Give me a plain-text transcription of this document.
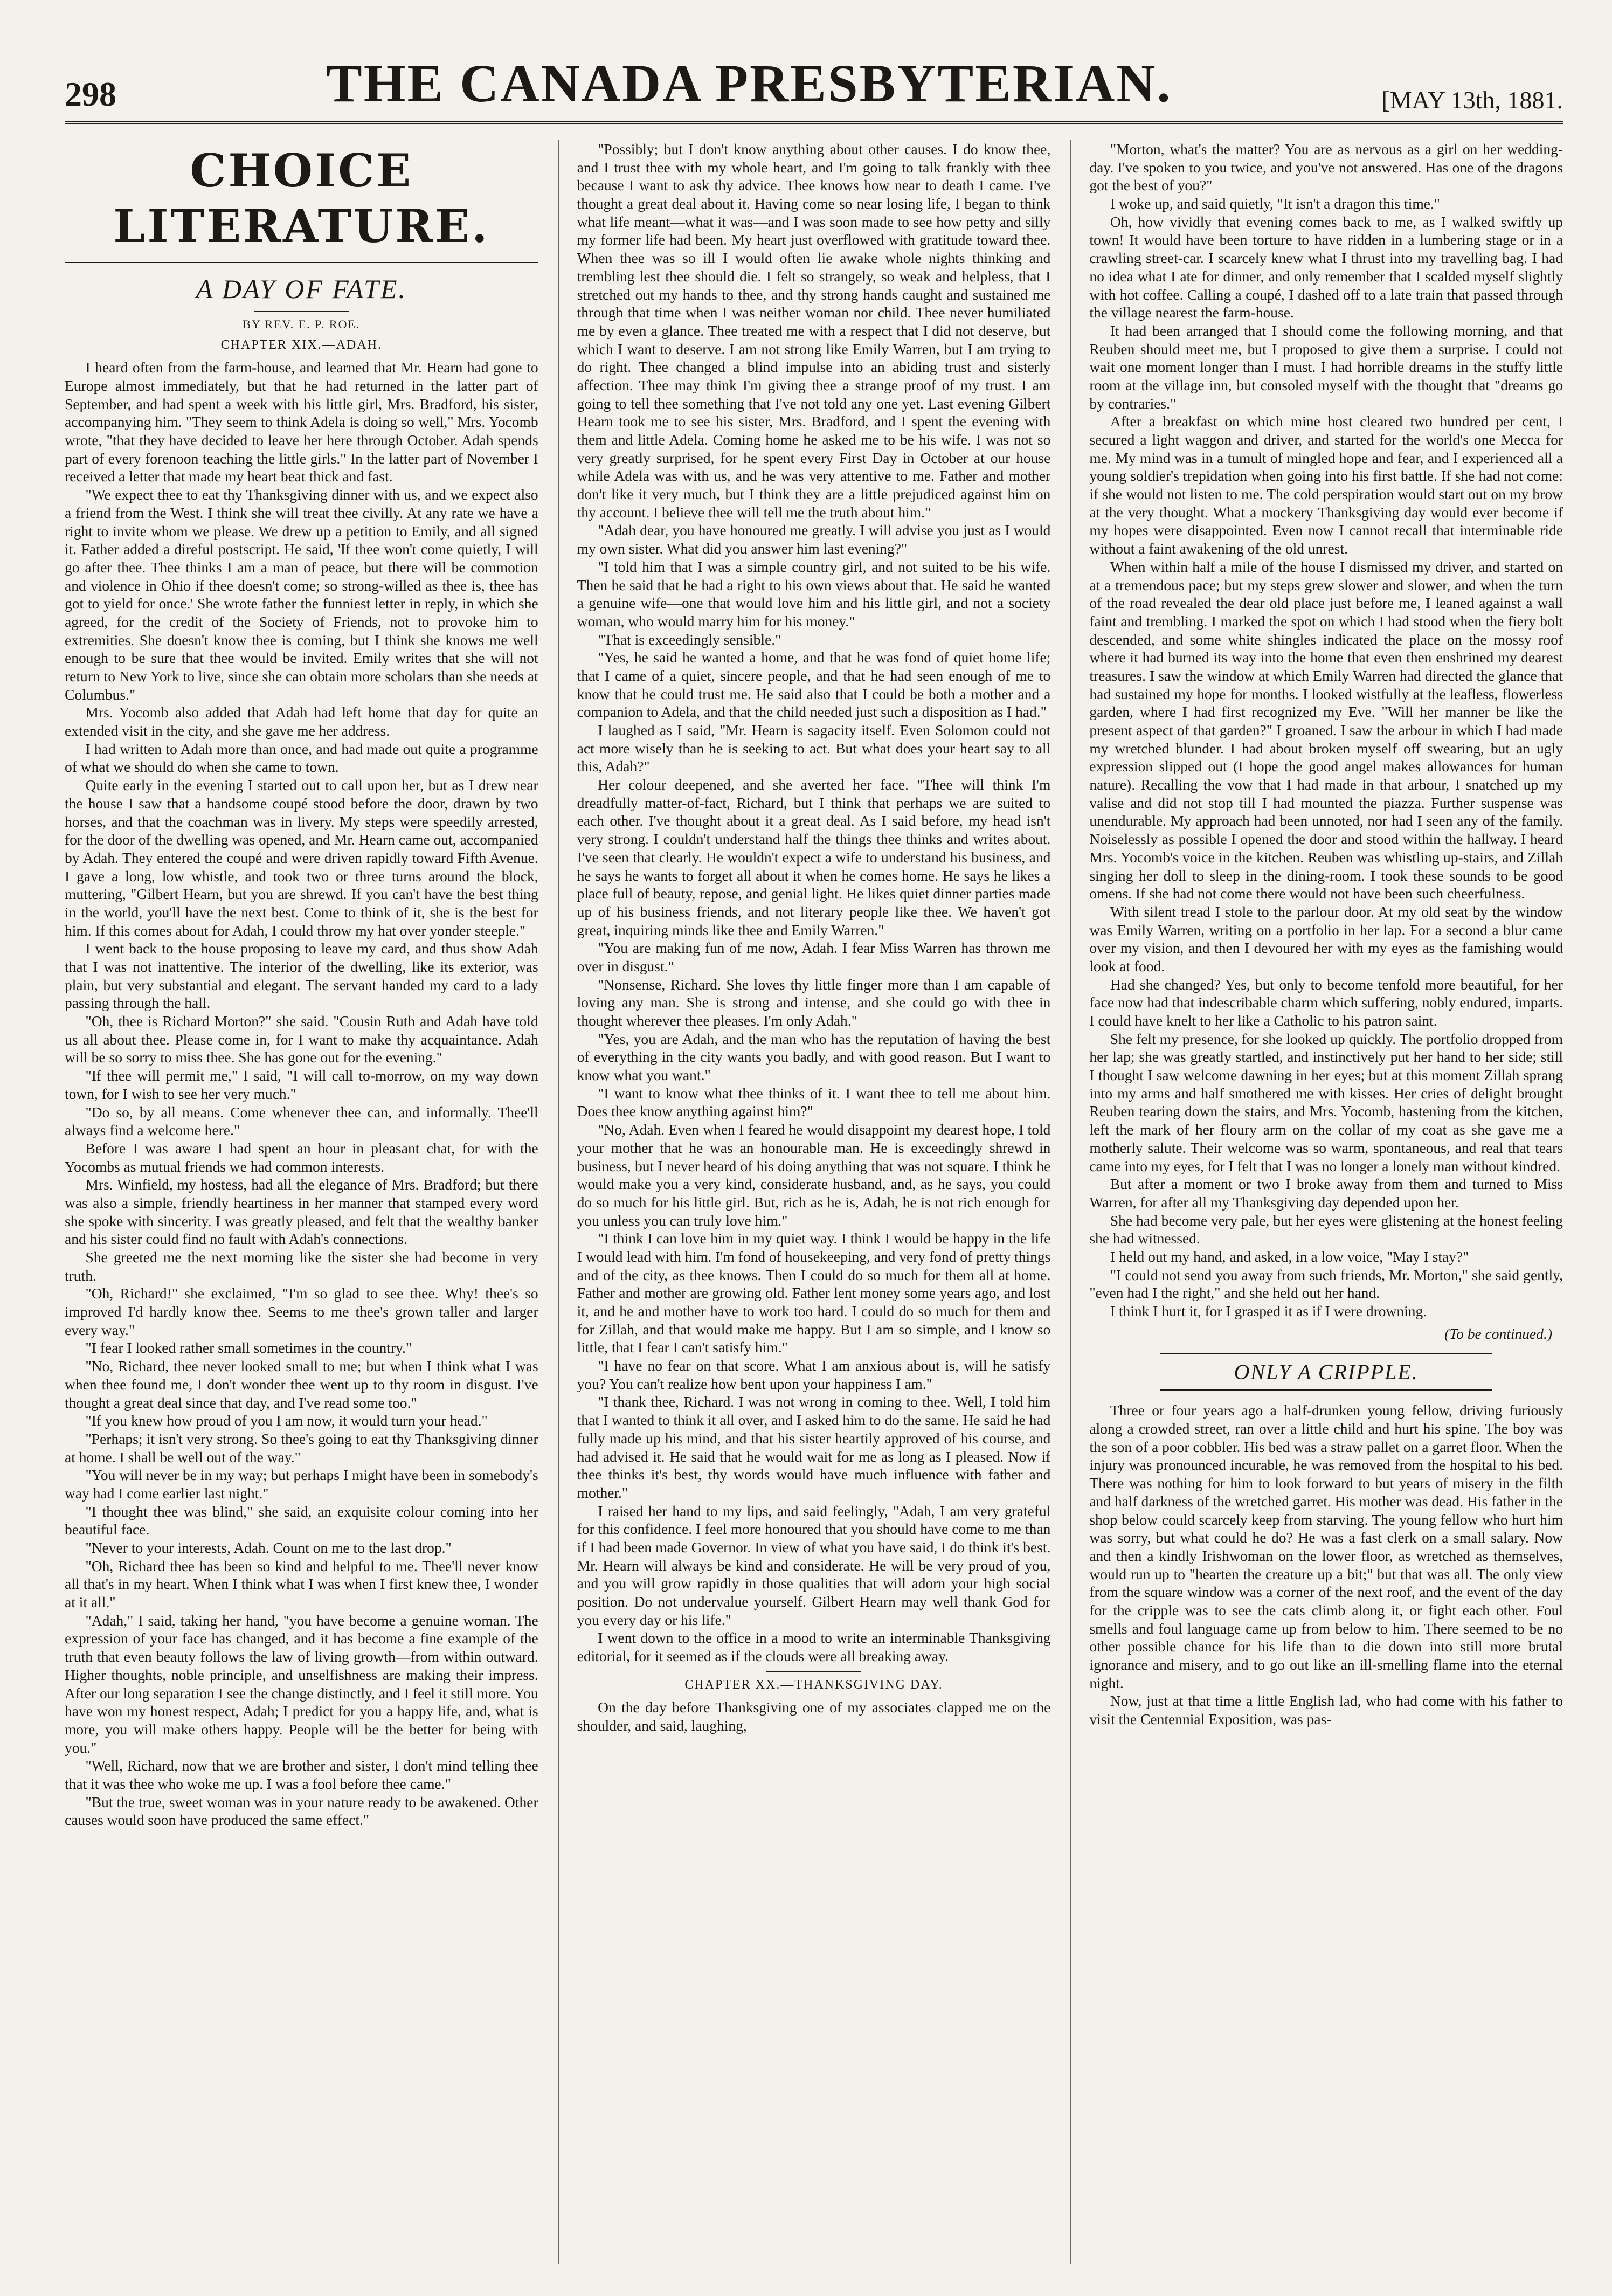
298	THE CANADA PRESBYTERIAN.	[MAY 13th, 1881.
CHOICE LITERATURE.
A DAY OF FATE.
BY REV. E. P. ROE.
CHAPTER XIX.—ADAH.

I heard often from the farm-house, and learned that Mr. Hearn had gone to Europe almost immediately, but that he had returned in the latter part of September, and had spent a week with his little girl, Mrs. Bradford, his sister, accompanying him. "They seem to think Adela is doing so well," Mrs. Yocomb wrote, "that they have decided to leave her here through October. Adah spends part of every forenoon teaching the little girls." In the latter part of November I received a letter that made my heart beat thick and fast.

"We expect thee to eat thy Thanksgiving dinner with us, and we expect also a friend from the West. I think she will treat thee civilly. At any rate we have a right to invite whom we please. We drew up a petition to Emily, and all signed it. Father added a direful postscript. He said, 'If thee won't come quietly, I will go after thee. Thee thinks I am a man of peace, but there will be commotion and violence in Ohio if thee doesn't come; so strong-willed as thee is, thee has got to yield for once.' She wrote father the funniest letter in reply, in which she agreed, for the credit of the Society of Friends, not to provoke him to extremities. She doesn't know thee is coming, but I think she knows me well enough to be sure that thee would be invited. Emily writes that she will not return to New York to live, since she can obtain more scholars than she needs at Columbus."

Mrs. Yocomb also added that Adah had left home that day for quite an extended visit in the city, and she gave me her address.

I had written to Adah more than once, and had made out quite a programme of what we should do when she came to town.

Quite early in the evening I started out to call upon her, but as I drew near the house I saw that a handsome coupé stood before the door, drawn by two horses, and that the coachman was in livery. My steps were speedily arrested, for the door of the dwelling was opened, and Mr. Hearn came out, accompanied by Adah. They entered the coupé and were driven rapidly toward Fifth Avenue. I gave a long, low whistle, and took two or three turns around the block, muttering, "Gilbert Hearn, but you are shrewd. If you can't have the best thing in the world, you'll have the next best. Come to think of it, she is the best for him. If this comes about for Adah, I could throw my hat over yonder steeple."

I went back to the house proposing to leave my card, and thus show Adah that I was not inattentive. The interior of the dwelling, like its exterior, was plain, but very substantial and elegant. The servant handed my card to a lady passing through the hall.

"Oh, thee is Richard Morton?" she said. "Cousin Ruth and Adah have told us all about thee. Please come in, for I want to make thy acquaintance. Adah will be so sorry to miss thee. She has gone out for the evening."

"If thee will permit me," I said, "I will call to-morrow, on my way down town, for I wish to see her very much."

"Do so, by all means. Come whenever thee can, and informally. Thee'll always find a welcome here."

Before I was aware I had spent an hour in pleasant chat, for with the Yocombs as mutual friends we had common interests.

Mrs. Winfield, my hostess, had all the elegance of Mrs. Bradford; but there was also a simple, friendly heartiness in her manner that stamped every word she spoke with sincerity. I was greatly pleased, and felt that the wealthy banker and his sister could find no fault with Adah's connections.

She greeted me the next morning like the sister she had become in very truth.

"Oh, Richard!" she exclaimed, "I'm so glad to see thee. Why! thee's so improved I'd hardly know thee. Seems to me thee's grown taller and larger every way."

"I fear I looked rather small sometimes in the country."

"No, Richard, thee never looked small to me; but when I think what I was when thee found me, I don't wonder thee went up to thy room in disgust. I've thought a great deal since that day, and I've read some too."

"If you knew how proud of you I am now, it would turn your head."

"Perhaps; it isn't very strong. So thee's going to eat thy Thanksgiving dinner at home. I shall be well out of the way."

"You will never be in my way; but perhaps I might have been in somebody's way had I come earlier last night."

"I thought thee was blind," she said, an exquisite colour coming into her beautiful face.

"Never to your interests, Adah. Count on me to the last drop."

"Oh, Richard thee has been so kind and helpful to me. Thee'll never know all that's in my heart. When I think what I was when I first knew thee, I wonder at it all."

"Adah," I said, taking her hand, "you have become a genuine woman. The expression of your face has changed, and it has become a fine example of the truth that even beauty follows the law of living growth—from within outward. Higher thoughts, noble principle, and unselfishness are making their impress. After our long separation I see the change distinctly, and I feel it still more. You have won my honest respect, Adah; I predict for you a happy life, and, what is more, you will make others happy. People will be the better for being with you."

"Well, Richard, now that we are brother and sister, I don't mind telling thee that it was thee who woke me up. I was a fool before thee came."

"But the true, sweet woman was in your nature ready to be awakened. Other causes would soon have produced the same effect."

"Possibly; but I don't know anything about other causes. I do know thee, and I trust thee with my whole heart, and I'm going to talk frankly with thee because I want to ask thy advice. Thee knows how near to death I came. I've thought a great deal about it. Having come so near losing life, I began to think what life meant—what it was—and I was soon made to see how petty and silly my former life had been. My heart just overflowed with gratitude toward thee. When thee was so ill I would often lie awake whole nights thinking and trembling lest thee should die. I felt so strangely, so weak and helpless, that I stretched out my hands to thee, and thy strong hands caught and sustained me through that time when I was neither woman nor child. Thee never humiliated me by even a glance. Thee treated me with a respect that I did not deserve, but which I want to deserve. I am not strong like Emily Warren, but I am trying to do right. Thee changed a blind impulse into an abiding trust and sisterly affection. Thee may think I'm giving thee a strange proof of my trust. I am going to tell thee something that I've not told any one yet. Last evening Gilbert Hearn took me to see his sister, Mrs. Bradford, and I spent the evening with them and little Adela. Coming home he asked me to be his wife. I was not so very greatly surprised, for he spent every First Day in October at our house while Adela was with us, and he was very attentive to me. Father and mother don't like it very much, but I think they are a little prejudiced against him on thy account. I believe thee will tell me the truth about him."

"Adah dear, you have honoured me greatly. I will advise you just as I would my own sister. What did you answer him last evening?"

"I told him that I was a simple country girl, and not suited to be his wife. Then he said that he had a right to his own views about that. He said he wanted a genuine wife—one that would love him and his little girl, and not a society woman, who would marry him for his money."

"That is exceedingly sensible."

"Yes, he said he wanted a home, and that he was fond of quiet home life; that I came of a quiet, sincere people, and that he had seen enough of me to know that he could trust me. He said also that I could be both a mother and a companion to Adela, and that the child needed just such a disposition as I had."

I laughed as I said, "Mr. Hearn is sagacity itself. Even Solomon could not act more wisely than he is seeking to act. But what does your heart say to all this, Adah?"

Her colour deepened, and she averted her face. "Thee will think I'm dreadfully matter-of-fact, Richard, but I think that perhaps we are suited to each other. I've thought about it a great deal. As I said before, my head isn't very strong. I couldn't understand half the things thee thinks and writes about. I've seen that clearly. He wouldn't expect a wife to understand his business, and he says he wants to forget all about it when he comes home. He says he likes a place full of beauty, repose, and genial light. He likes quiet dinner parties made up of his business friends, and not literary people like thee. We haven't got great, inquiring minds like thee and Emily Warren."

"You are making fun of me now, Adah. I fear Miss Warren has thrown me over in disgust."

"Nonsense, Richard. She loves thy little finger more than I am capable of loving any man. She is strong and intense, and she could go with thee in thought wherever thee pleases. I'm only Adah."

"Yes, you are Adah, and the man who has the reputation of having the best of everything in the city wants you badly, and with good reason. But I want to know what you want."

"I want to know what thee thinks of it. I want thee to tell me about him. Does thee know anything against him?"

"No, Adah. Even when I feared he would disappoint my dearest hope, I told your mother that he was an honourable man. He is exceedingly shrewd in business, but I never heard of his doing anything that was not square. I think he would make you a very kind, considerate husband, and, as he says, you could do so much for his little girl. But, rich as he is, Adah, he is not rich enough for you unless you can truly love him."

"I think I can love him in my quiet way. I think I would be happy in the life I would lead with him. I'm fond of housekeeping, and very fond of pretty things and of the city, as thee knows. Then I could do so much for them all at home. Father and mother are growing old. Father lent money some years ago, and lost it, and he and mother have to work too hard. I could do so much for them and for Zillah, and that would make me happy. But I am so simple, and I know so little, that I fear I can't satisfy him."

"I have no fear on that score. What I am anxious about is, will he satisfy you? You can't realize how bent upon your happiness I am."

"I thank thee, Richard. I was not wrong in coming to thee. Well, I told him that I wanted to think it all over, and I asked him to do the same. He said he had fully made up his mind, and that his sister heartily approved of his course, and had advised it. He said that he would wait for me as long as I pleased. Now if thee thinks it's best, thy words would have much influence with father and mother."

I raised her hand to my lips, and said feelingly, "Adah, I am very grateful for this confidence. I feel more honoured that you should have come to me than if I had been made Governor. In view of what you have said, I do think it's best. Mr. Hearn will always be kind and considerate. He will be very proud of you, and you will grow rapidly in those qualities that will adorn your high social position. Do not undervalue yourself. Gilbert Hearn may well thank God for you every day or his life."

I went down to the office in a mood to write an interminable Thanksgiving editorial, for it seemed as if the clouds were all breaking away.

CHAPTER XX.—THANKSGIVING DAY.

On the day before Thanksgiving one of my associates clapped me on the shoulder, and said, laughing,

"Morton, what's the matter? You are as nervous as a girl on her wedding-day. I've spoken to you twice, and you've not answered. Has one of the dragons got the best of you?"

I woke up, and said quietly, "It isn't a dragon this time."

Oh, how vividly that evening comes back to me, as I walked swiftly up town! It would have been torture to have ridden in a lumbering stage or in a crawling street-car. I scarcely knew what I thrust into my travelling bag. I had no idea what I ate for dinner, and only remember that I scalded myself slightly with hot coffee. Calling a coupé, I dashed off to a late train that passed through the village nearest the farm-house.

It had been arranged that I should come the following morning, and that Reuben should meet me, but I proposed to give them a surprise. I could not wait one moment longer than I must. I had horrible dreams in the stuffy little room at the village inn, but consoled myself with the thought that "dreams go by contraries."

After a breakfast on which mine host cleared two hundred per cent, I secured a light waggon and driver, and started for the world's one Mecca for me. My mind was in a tumult of mingled hope and fear, and I experienced all a young soldier's trepidation when going into his first battle. If she had not come: if she would not listen to me. The cold perspiration would start out on my brow at the very thought. What a mockery Thanksgiving day would ever become if my hopes were disappointed. Even now I cannot recall that interminable ride without a faint awakening of the old unrest.

When within half a mile of the house I dismissed my driver, and started on at a tremendous pace; but my steps grew slower and slower, and when the turn of the road revealed the dear old place just before me, I leaned against a wall faint and trembling. I marked the spot on which I had stood when the fiery bolt descended, and some white shingles indicated the place on the mossy roof where it had burned its way into the home that even then enshrined my dearest treasures. I saw the window at which Emily Warren had directed the glance that had sustained my hope for months. I looked wistfully at the leafless, flowerless garden, where I had first recognized my Eve. "Will her manner be like the present aspect of that garden?" I groaned. I saw the arbour in which I had made my wretched blunder. I had about broken myself off swearing, but an ugly expression slipped out (I hope the good angel makes allowances for human nature). Recalling the vow that I had made in that arbour, I snatched up my valise and did not stop till I had mounted the piazza. Further suspense was unendurable. My approach had been unnoted, nor had I seen any of the family. Noiselessly as possible I opened the door and stood within the hallway. I heard Mrs. Yocomb's voice in the kitchen. Reuben was whistling up-stairs, and Zillah singing her doll to sleep in the dining-room. I took these sounds to be good omens. If she had not come there would not have been such cheerfulness.

With silent tread I stole to the parlour door. At my old seat by the window was Emily Warren, writing on a portfolio in her lap. For a second a blur came over my vision, and then I devoured her with my eyes as the famishing would look at food.

Had she changed? Yes, but only to become tenfold more beautiful, for her face now had that indescribable charm which suffering, nobly endured, imparts. I could have knelt to her like a Catholic to his patron saint.

She felt my presence, for she looked up quickly. The portfolio dropped from her lap; she was greatly startled, and instinctively put her hand to her side; still I thought I saw welcome dawning in her eyes; but at this moment Zillah sprang into my arms and half smothered me with kisses. Her cries of delight brought Reuben tearing down the stairs, and Mrs. Yocomb, hastening from the kitchen, left the mark of her floury arm on the collar of my coat as she gave me a motherly salute. Their welcome was so warm, spontaneous, and real that tears came into my eyes, for I felt that I was no longer a lonely man without kindred.

But after a moment or two I broke away from them and turned to Miss Warren, for after all my Thanksgiving day depended upon her.

She had become very pale, but her eyes were glistening at the honest feeling she had witnessed.

I held out my hand, and asked, in a low voice, "May I stay?"

"I could not send you away from such friends, Mr. Morton," she said gently, "even had I the right," and she held out her hand.

I think I hurt it, for I grasped it as if I were drowning.

(To be continued.)
ONLY A CRIPPLE.

Three or four years ago a half-drunken young fellow, driving furiously along a crowded street, ran over a little child and hurt his spine. The boy was the son of a poor cobbler. His bed was a straw pallet on a garret floor. When the injury was pronounced incurable, he was removed from the hospital to his bed. There was nothing for him to look forward to but years of misery in the filth and half darkness of the wretched garret. His mother was dead. His father in the shop below could scarcely keep from starving. The young fellow who hurt him was sorry, but what could he do? He was a fast clerk on a small salary. Now and then a kindly Irishwoman on the lower floor, as wretched as themselves, would run up to "hearten the creature up a bit;" but that was all. The only view from the square window was a corner of the next roof, and the event of the day for the cripple was to see the cats climb along it, or fight each other. Foul smells and foul language came up from below to him. There seemed to be no other possible chance for his life than to die down into still more brutal ignorance and misery, and to go out like an ill-smelling flame into the eternal night.

Now, just at that time a little English lad, who had come with his father to visit the Centennial Exposition, was pas-
